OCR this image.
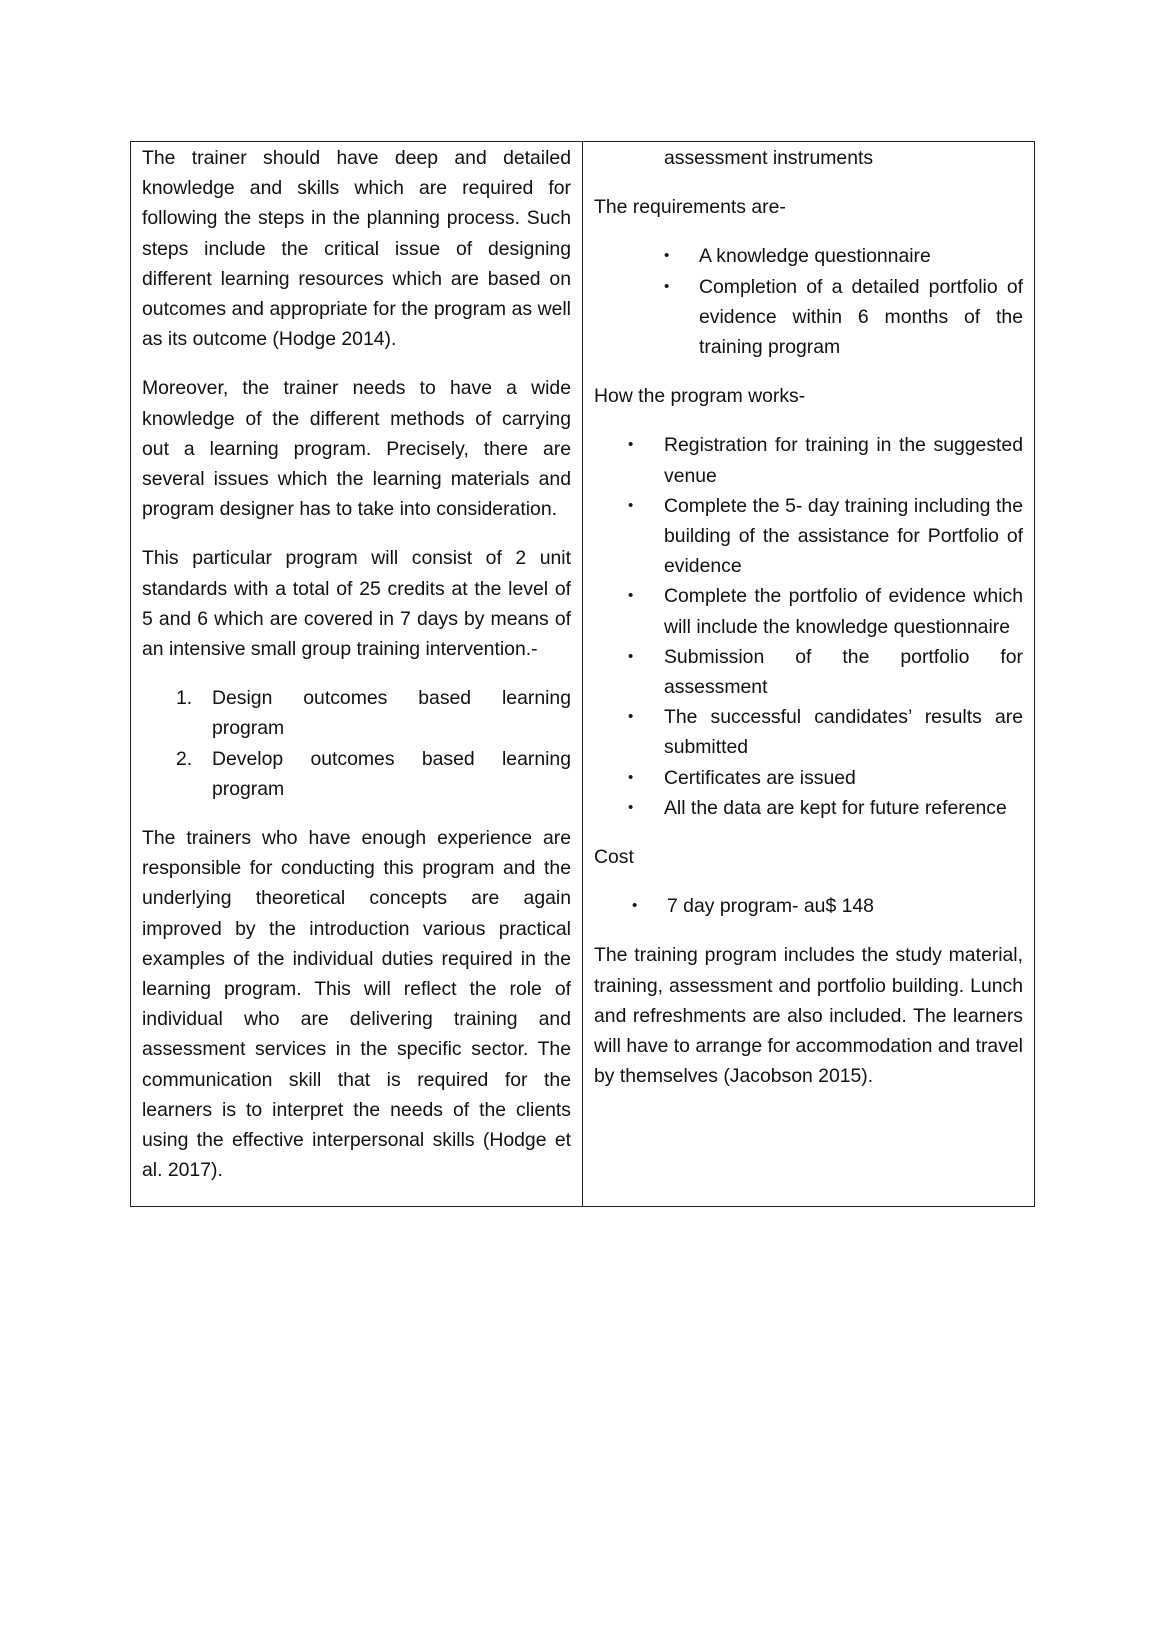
The trainer should have deep and detailed knowledge and skills which are required for following the steps in the planning process. Such steps include the critical issue of designing different learning resources which are based on outcomes and appropriate for the program as well as its outcome (Hodge 2014).

Moreover, the trainer needs to have a wide knowledge of the different methods of carrying out a learning program. Precisely, there are several issues which the learning materials and program designer has to take into consideration.

This particular program will consist of 2 unit standards with a total of 25 credits at the level of 5 and 6 which are covered in 7 days by means of an intensive small group training intervention.-

1. Design outcomes based learning program
2. Develop outcomes based learning program

The trainers who have enough experience are responsible for conducting this program and the underlying theoretical concepts are again improved by the introduction various practical examples of the individual duties required in the learning program. This will reflect the role of individual who are delivering training and assessment services in the specific sector. The communication skill that is required for the learners is to interpret the needs of the clients using the effective interpersonal skills (Hodge et al. 2017).

assessment instruments

The requirements are-

• A knowledge questionnaire
• Completion of a detailed portfolio of evidence within 6 months of the training program

How the program works-

• Registration for training in the suggested venue
• Complete the 5- day training including the building of the assistance for Portfolio of evidence
• Complete the portfolio of evidence which will include the knowledge questionnaire
• Submission of the portfolio for assessment
• The successful candidates’ results are submitted
• Certificates are issued
• All the data are kept for future reference

Cost

• 7 day program- au$ 148

The training program includes the study material, training, assessment and portfolio building. Lunch and refreshments are also included. The learners will have to arrange for accommodation and travel by themselves (Jacobson 2015).
